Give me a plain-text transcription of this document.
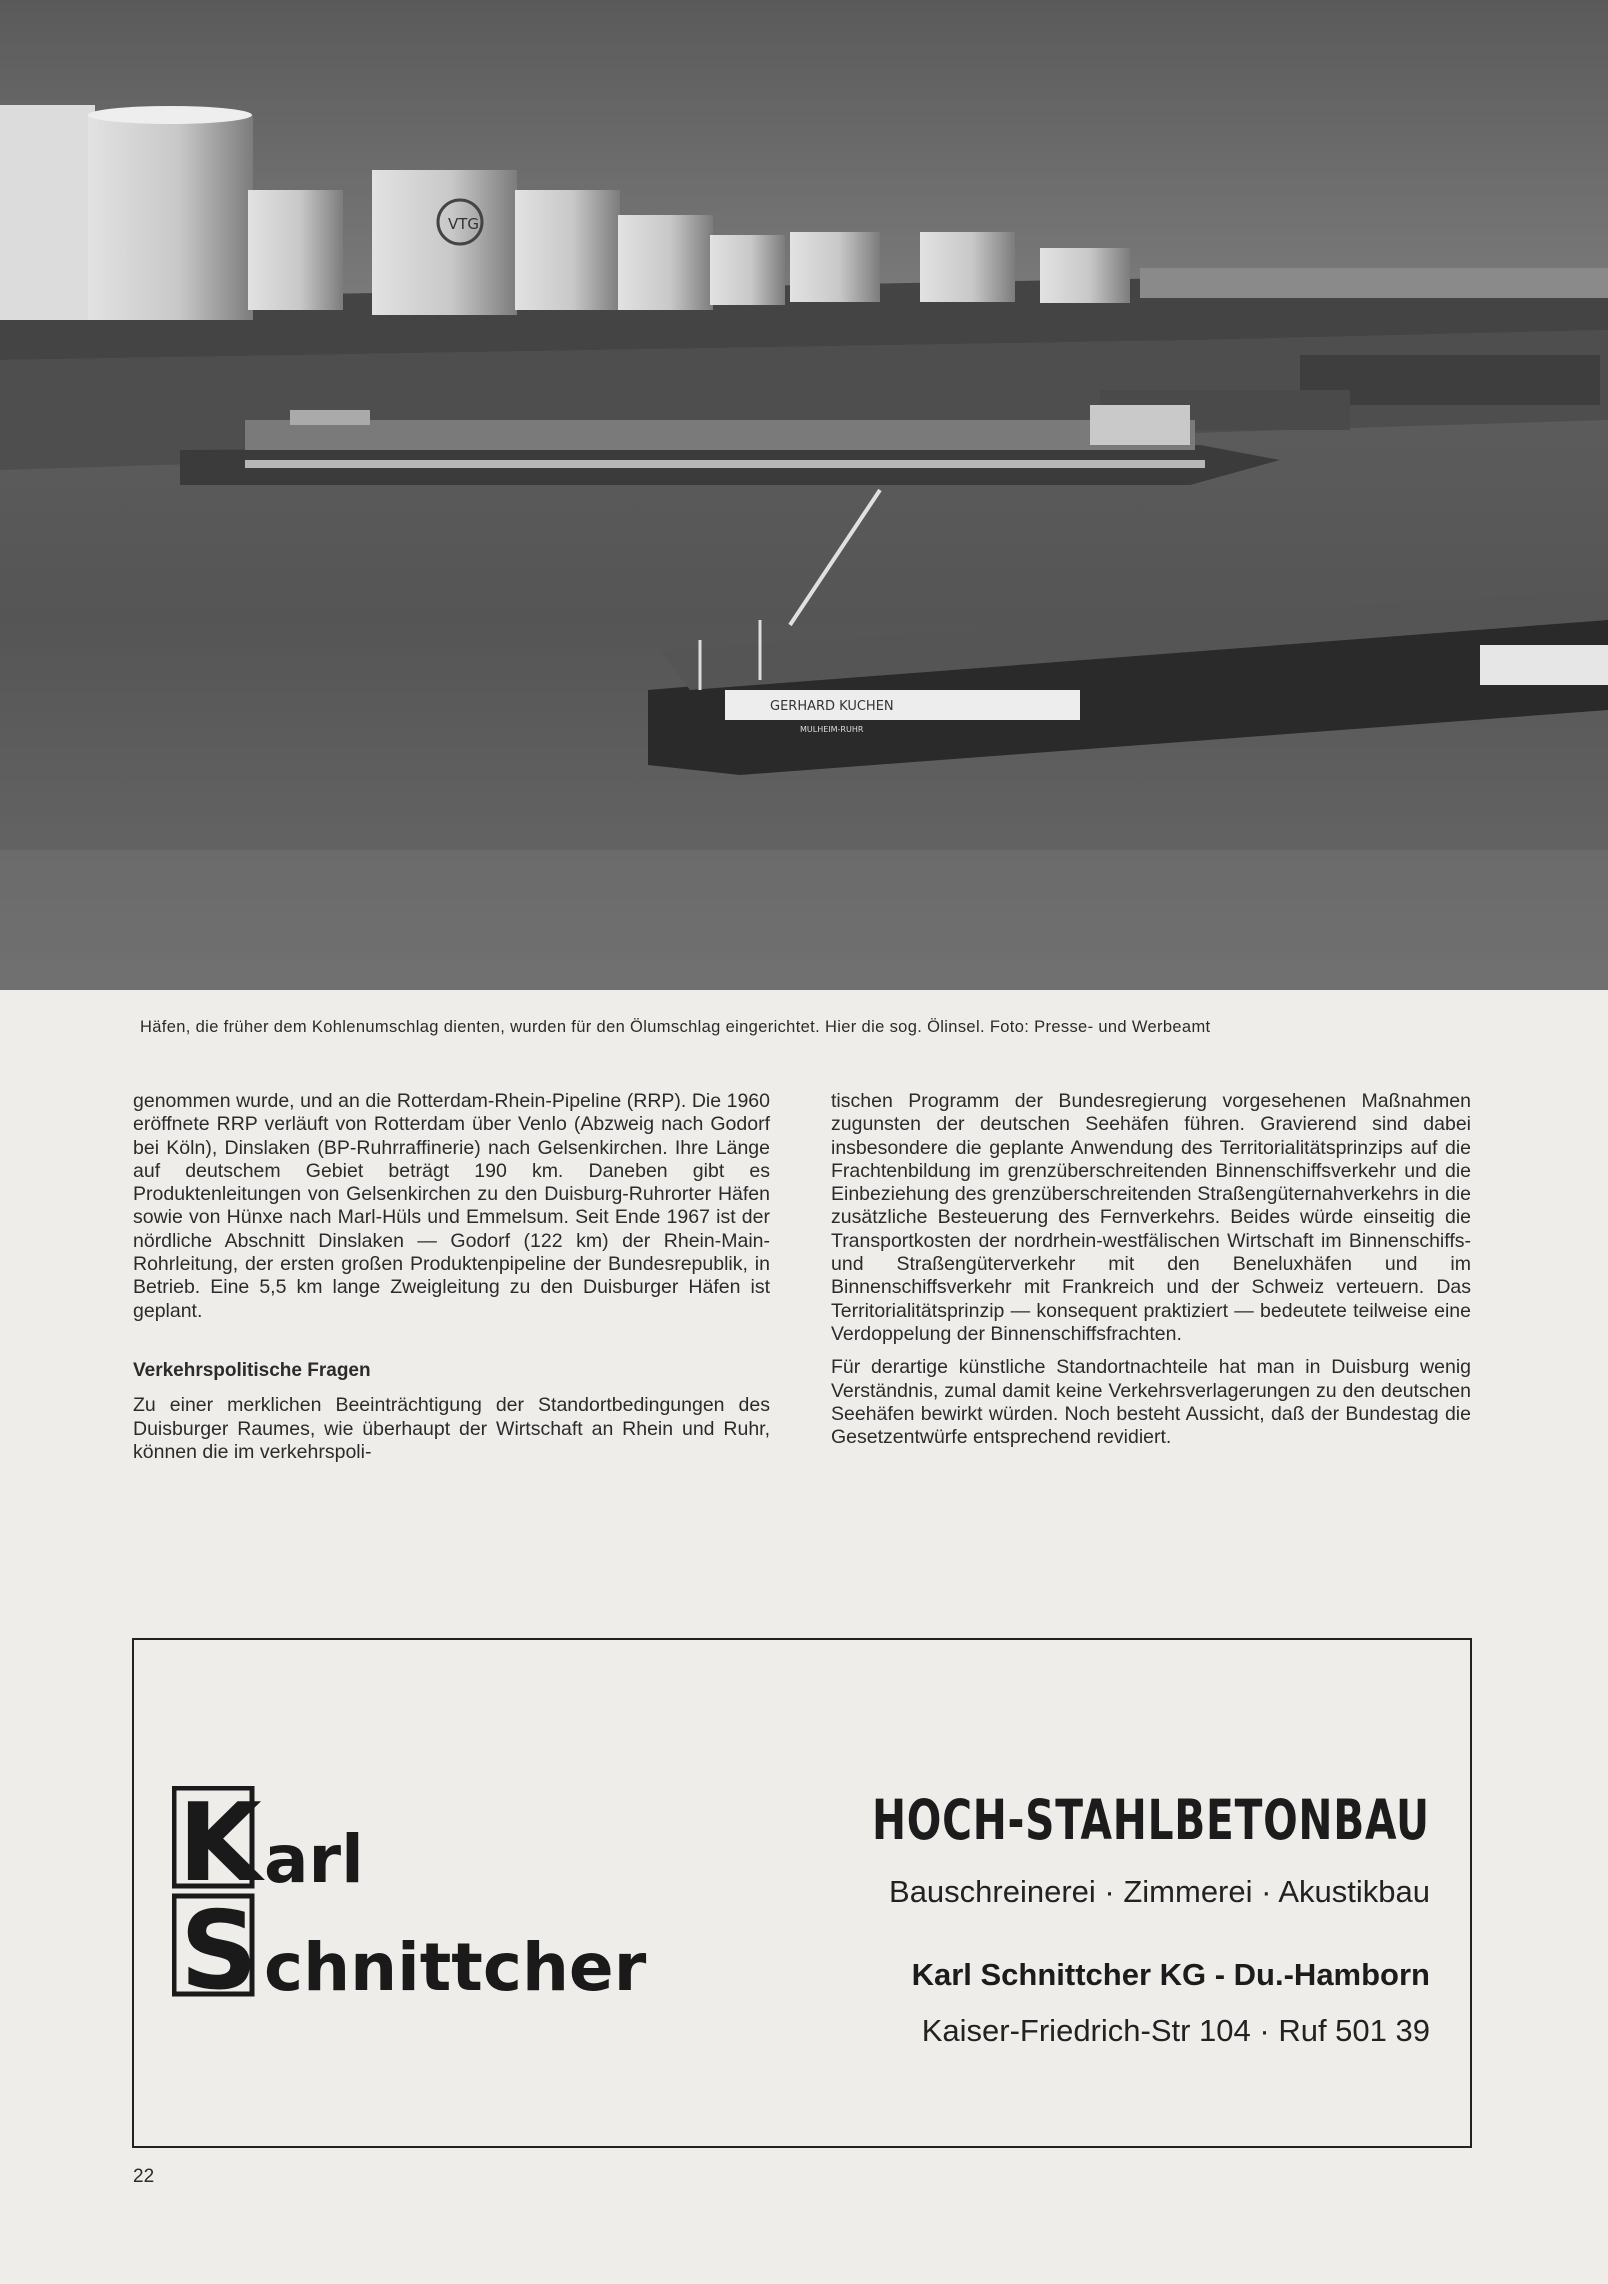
VTG
GERHARD KUCHEN
MULHEIM-RUHR
Häfen, die früher dem Kohlenumschlag dienten, wurden für den Ölumschlag eingerichtet. Hier die sog. Ölinsel. Foto: Presse- und Werbeamt

genommen wurde, und an die Rotterdam-Rhein-Pipeline (RRP). Die 1960 eröffnete RRP verläuft von Rotterdam über Venlo (Abzweig nach Godorf bei Köln), Dinslaken (BP-Ruhrraffinerie) nach Gelsenkirchen. Ihre Länge auf deutschem Gebiet beträgt 190 km. Daneben gibt es Produktenleitungen von Gelsenkirchen zu den Duisburg-Ruhrorter Häfen sowie von Hünxe nach Marl-Hüls und Emmelsum. Seit Ende 1967 ist der nördliche Abschnitt Dinslaken — Godorf (122 km) der Rhein-Main-Rohrleitung, der ersten großen Produktenpipeline der Bundesrepublik, in Betrieb. Eine 5,5 km lange Zweigleitung zu den Duisburger Häfen ist geplant.

Verkehrspolitische Fragen

Zu einer merklichen Beeinträchtigung der Standortbedingungen des Duisburger Raumes, wie überhaupt der Wirtschaft an Rhein und Ruhr, können die im verkehrspoli-

tischen Programm der Bundesregierung vorgesehenen Maßnahmen zugunsten der deutschen Seehäfen führen. Gravierend sind dabei insbesondere die geplante Anwendung des Territorialitätsprinzips auf die Frachtenbildung im grenzüberschreitenden Binnenschiffsverkehr und die Einbeziehung des grenzüberschreitenden Straßengüternahverkehrs in die zusätzliche Besteuerung des Fernverkehrs. Beides würde einseitig die Transportkosten der nordrhein-westfälischen Wirtschaft im Binnenschiffs- und Straßengüterverkehr mit den Beneluxhäfen und im Binnenschiffsverkehr mit Frankreich und der Schweiz verteuern. Das Territorialitätsprinzip — konsequent praktiziert — bedeutete teilweise eine Verdoppelung der Binnenschiffsfrachten.

Für derartige künstliche Standortnachteile hat man in Duisburg wenig Verständnis, zumal damit keine Verkehrsverlagerungen zu den deutschen Seehäfen bewirkt würden. Noch besteht Aussicht, daß der Bundestag die Gesetzentwürfe entsprechend revidiert.

K arl
S chnittcher
HOCH-STAHLBETONBAU
Bauschreinerei · Zimmerei · Akustikbau
Karl Schnittcher KG - Du.-Hamborn
Kaiser-Friedrich-Str 104 · Ruf 501 39
22
